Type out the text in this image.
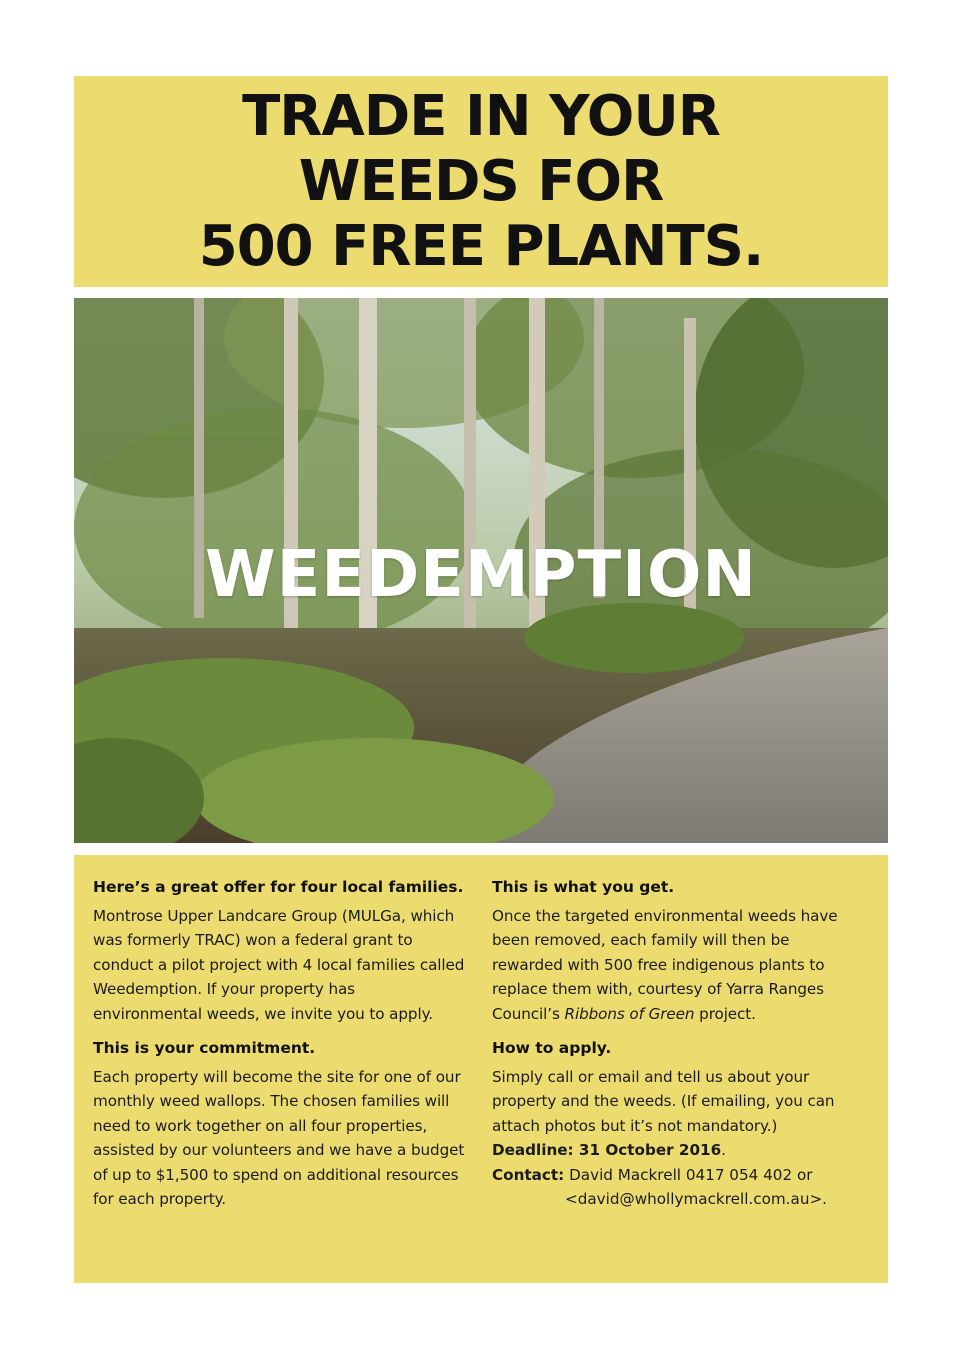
TRADE IN YOUR
WEEDS FOR
500 FREE PLANTS.
WEEDEMPTION
Here’s a great offer for four local families.

Montrose Upper Landcare Group (MULGa, which was formerly TRAC) won a federal grant to conduct a pilot project with 4 local families called Weedemption. If your property has environmental weeds, we invite you to apply.

This is your commitment.

Each property will become the site for one of our monthly weed wallops. The chosen families will need to work together on all four properties, assisted by our volunteers and we have a budget of up to $1,500 to spend on additional resources for each property.

This is what you get.

Once the targeted environmental weeds have been removed, each family will then be rewarded with 500 free indigenous plants to replace them with, courtesy of Yarra Ranges Council’s Ribbons of Green project.

How to apply.

Simply call or email and tell us about your property and the weeds. (If emailing, you can attach photos but it’s not mandatory.)

Deadline: 31 October 2016.
Contact: David Mackrell 0417 054 402 or
<david@whollymackrell.com.au>.
